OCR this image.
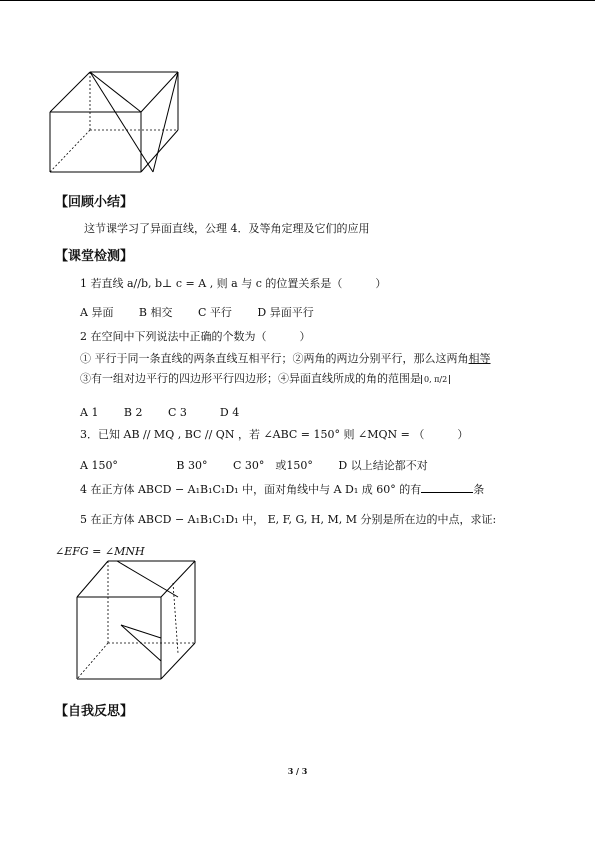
【回顾小结】
这节课学习了异面直线，公理 4．及等角定理及它们的应用
【课堂检测】
1 若直线 a//b, b⊥ c = A , 则 a 与 c 的位置关系是（　　　）
A 异面　　 B 相交　　 C 平行　　 D 异面平行
2 在空间中下列说法中正确的个数为（　　　）
① 平行于同一条直线的两条直线互相平行；②两角的两边分别平行，那么这两角相等
③有一组对边平行的四边形平行四边形；④异面直线所成的角的范围是 0, π/2
A 1　　 B 2　　 C 3　　　D 4
3．已知 AB // MQ , BC // QN ，若 ∠ABC = 150° 则 ∠MQN = （　　　）
A 150°　　　　　 B 30°　　 C 30°　或150°　　 D 以上结论都不对
4 在正方体 ABCD − A₁B₁C₁D₁ 中，面对角线中与 A D₁ 成 60° 的有	条
5 在正方体 ABCD − A₁B₁C₁D₁ 中， E, F, G, H, M, M 分别是所在边的中点，求证:
∠EFG = ∠MNH
【自我反思】
3 / 3
